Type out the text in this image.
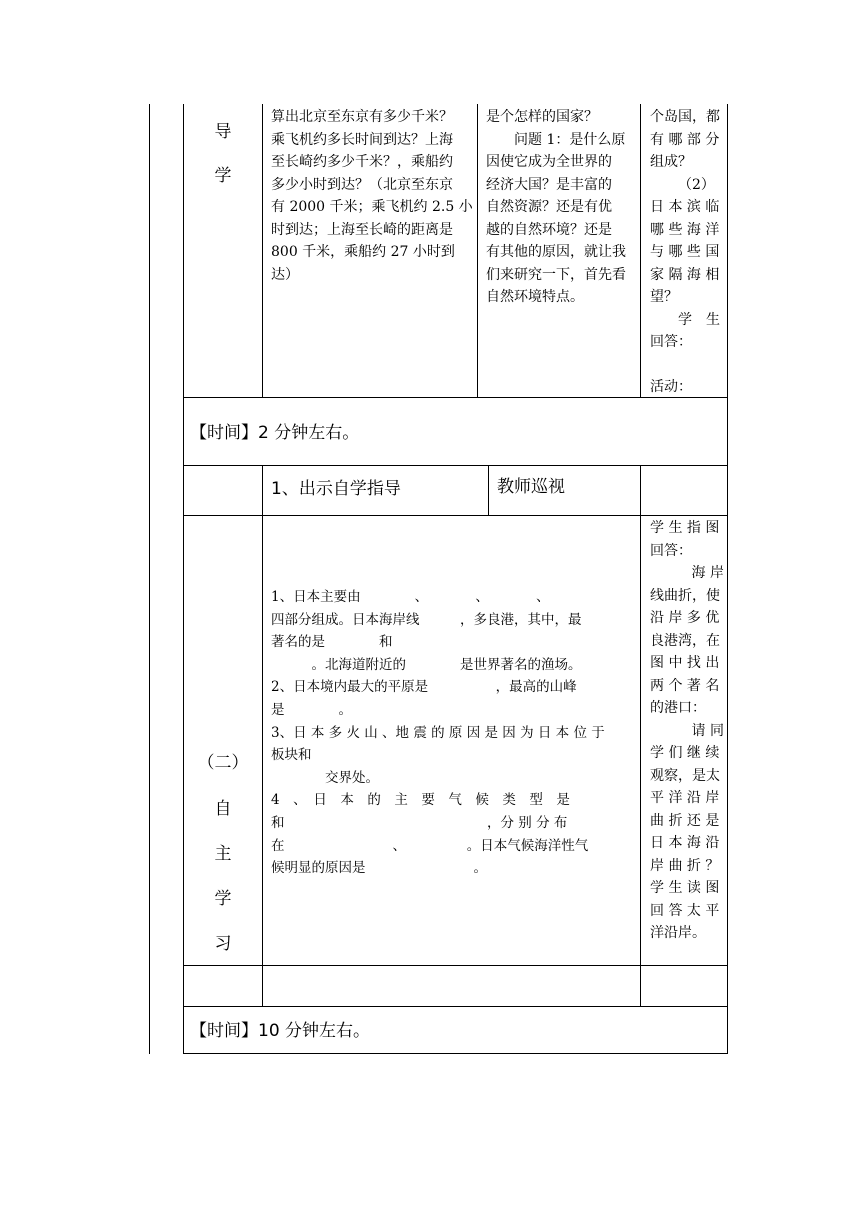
导
学
算出北京至东京有多少千米？
乘飞机约多长时间到达？上海
至长崎约多少千米？，乘船约
多少小时到达？（北京至东京
有 2000 千米；乘飞机约 2.5 小
时到达；上海至长崎的距离是
800 千米，乘船约 27 小时到达）
是个怎样的国家？
问题 1：是什么原
因使它成为全世界的
经济大国？是丰富的
自然资源？还是有优
越的自然环境？还是
有其他的原因，就让我
们来研究一下，首先看
自然环境特点。
个岛国，都
有 哪 部 分
组成？
（2）
日 本 滨 临
哪 些 海 洋
与 哪 些 国
家 隔 海 相
望？
学　生
回答：

活动：
【时间】2 分钟左右。
1、出示自学指导	教师巡视
（二）
自
主
学
习
1、日本主要由　　　　、　　　　、　　　　、
四部分组成。日本海岸线　　　，多良港，其中，最
著名的是　　　　和
　　　。北海道附近的　　　　是世界著名的渔场。
2、日本境内最大的平原是　　　　　，最高的山峰
是　　　　。
3、日 本 多 火 山 、地 震 的 原 因 是 因 为 日 本 位 于
板块和
　　　　交界处。
4　、　日　本　的　主　要　气　候　类　型　是
和　　　　　　　　　　　　　　　，分 别 分 布
在　　　　　　　　、　　　　　。日本气候海洋性气
候明显的原因是　　　　　　　　。
学 生 指 图
回答：
海 岸
线曲折，使
沿 岸 多 优
良港湾，在
图 中 找 出
两 个 著 名
的港口：
请 同
学 们 继 续
观察，是太
平 洋 沿 岸
曲 折 还 是
日 本 海 沿
岸 曲 折 ？
学 生 读 图
回 答 太 平
洋沿岸。
【时间】10 分钟左右。
